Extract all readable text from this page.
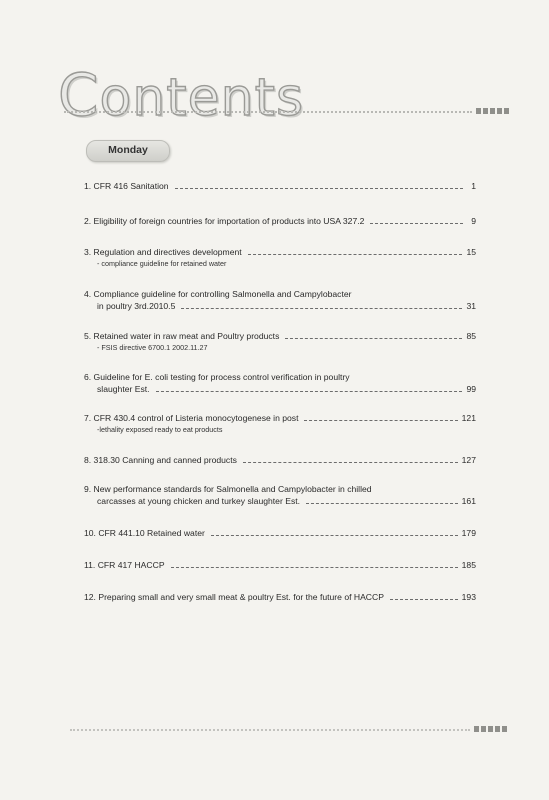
Contents
Monday
1. CFR 416 Sanitation	1
2. Eligibility of foreign countries for importation of products into USA 327.2	9
3. Regulation and directives development	15
- compliance guideline for retained water
4. Compliance guideline for controlling Salmonella and Campylobacter
in poultry 3rd.2010.5	31
5. Retained water in raw meat and Poultry products	85
- FSIS directive 6700.1 2002.11.27
6. Guideline for E. coli testing for process control verification in poultry
slaughter Est.	99
7. CFR 430.4 control of Listeria monocytogenese in post	121
-lethality exposed ready to eat products
8. 318.30 Canning and canned products	127
9. New performance standards for Salmonella and Campylobacter in chilled
carcasses at young chicken and turkey slaughter Est.	161
10. CFR 441.10 Retained water	179
11. CFR 417 HACCP	185
12. Preparing small and very small meat & poultry Est. for the future of HACCP	193
